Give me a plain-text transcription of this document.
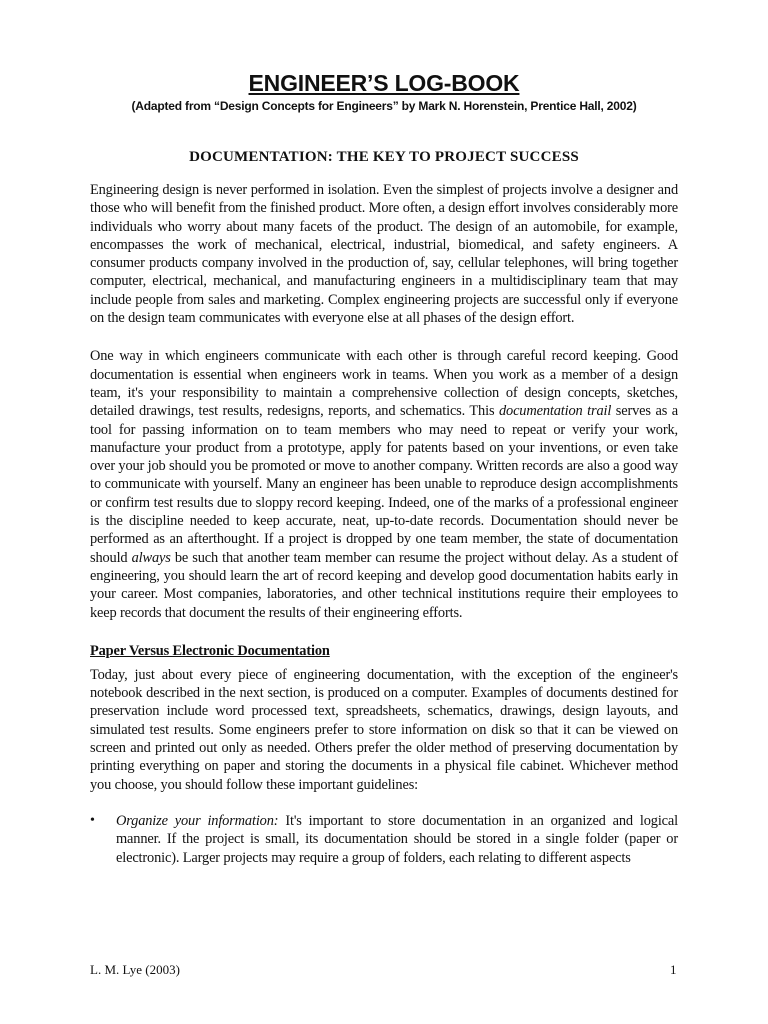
ENGINEER’S LOG-BOOK

(Adapted from “Design Concepts for Engineers” by Mark N. Horenstein, Prentice Hall, 2002)

DOCUMENTATION: THE KEY TO PROJECT SUCCESS

Engineering design is never performed in isolation. Even the simplest of projects involve a designer and those who will benefit from the finished product. More often, a design effort involves considerably more individuals who worry about many facets of the product. The design of an automobile, for example, encompasses the work of mechanical, electrical, industrial, biomedical, and safety engineers. A consumer products company involved in the production of, say, cellular telephones, will bring together computer, electrical, mechanical, and manufacturing engineers in a multidisciplinary team that may include people from sales and marketing. Complex engineering projects are successful only if everyone on the design team communicates with everyone else at all phases of the design effort.

One way in which engineers communicate with each other is through careful record keeping. Good documentation is essential when engineers work in teams. When you work as a member of a design team, it's your responsibility to maintain a comprehensive collection of design concepts, sketches, detailed drawings, test results, redesigns, reports, and schematics. This documentation trail serves as a tool for passing information on to team members who may need to repeat or verify your work, manufacture your product from a prototype, apply for patents based on your inventions, or even take over your job should you be promoted or move to another company. Written records are also a good way to communicate with yourself. Many an engineer has been unable to reproduce design accomplishments or confirm test results due to sloppy record keeping. Indeed, one of the marks of a professional engineer is the discipline needed to keep accurate, neat, up-to-date records. Documentation should never be performed as an afterthought. If a project is dropped by one team member, the state of documentation should always be such that another team member can resume the project without delay. As a student of engineering, you should learn the art of record keeping and develop good documentation habits early in your career. Most companies, laboratories, and other technical institutions require their employees to keep records that document the results of their engineering efforts.

Paper Versus Electronic Documentation

Today, just about every piece of engineering documentation, with the exception of the engineer's notebook described in the next section, is produced on a computer. Examples of documents destined for preservation include word processed text, spreadsheets, schematics, drawings, design layouts, and simulated test results. Some engineers prefer to store information on disk so that it can be viewed on screen and printed out only as needed. Others prefer the older method of preserving documentation by printing everything on paper and storing the documents in a physical file cabinet. Whichever method you choose, you should follow these important guidelines:

•	Organize your information: It's important to store documentation in an organized and logical manner. If the project is small, its documentation should be stored in a single folder (paper or electronic). Larger projects may require a group of folders, each relating to different aspects

L. M. Lye (2003)	1
